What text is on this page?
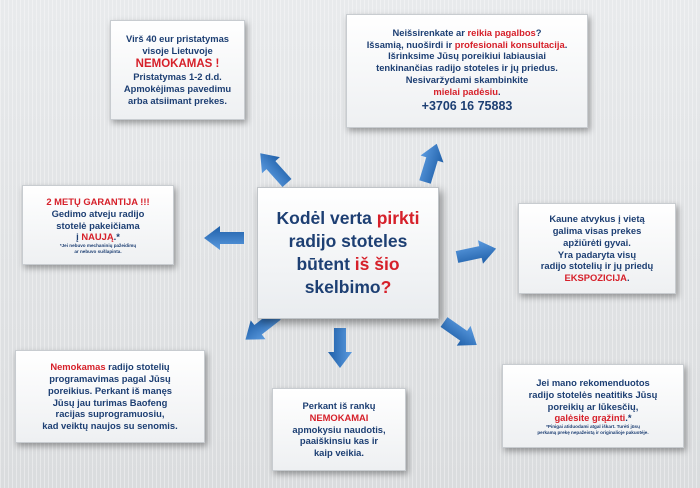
Kodėl verta pirkti
radijo stoteles
būtent iš šio
skelbimo?
Virš 40 eur pristatymas
visoje Lietuvoje
NEMOKAMAS !
Pristatymas 1-2 d.d.
Apmokėjimas pavedimu
arba atsiimant prekes.
Neišsirenkate ar reikia pagalbos?
Išsamią, nuoširdi ir profesionali konsultacija.
Išrinksime Jūsų poreikiui labiausiai
tenkinančias radijo stoteles ir jų priedus.
Nesivaržydami skambinkite
mielai padėsiu.
+3706 16 75883
2 METŲ GARANTIJA !!!
Gedimo atveju radijo
stotelė pakeičiama
į NAUJĄ.*
*Jei nebuvo mechaninių pažeidimų
ar nebuvo sušlapinta.
Kaune atvykus į vietą
galima visas prekes
apžiūrėti gyvai.
Yra padaryta visų
radijo stotelių ir jų priedų
EKSPOZICIJA.
Nemokamas radijo stotelių
programavimas pagal Jūsų
poreikius. Perkant iš manęs
Jūsų jau turimas Baofeng
racijas suprogramuosiu,
kad veiktų naujos su senomis.
Perkant iš rankų
NEMOKAMAI
apmokysiu naudotis,
paaiškinsiu kas ir
kaip veikia.
Jei mano rekomenduotos
radijo stotelės neatitiks Jūsų
poreikių ar lūkesčių,
galėsite grąžinti.*
*Pinigai atiduodami atgal iškart. Turėti jūsų
perkamą prekę nepažeistą ir originalioje pakuotėje.
